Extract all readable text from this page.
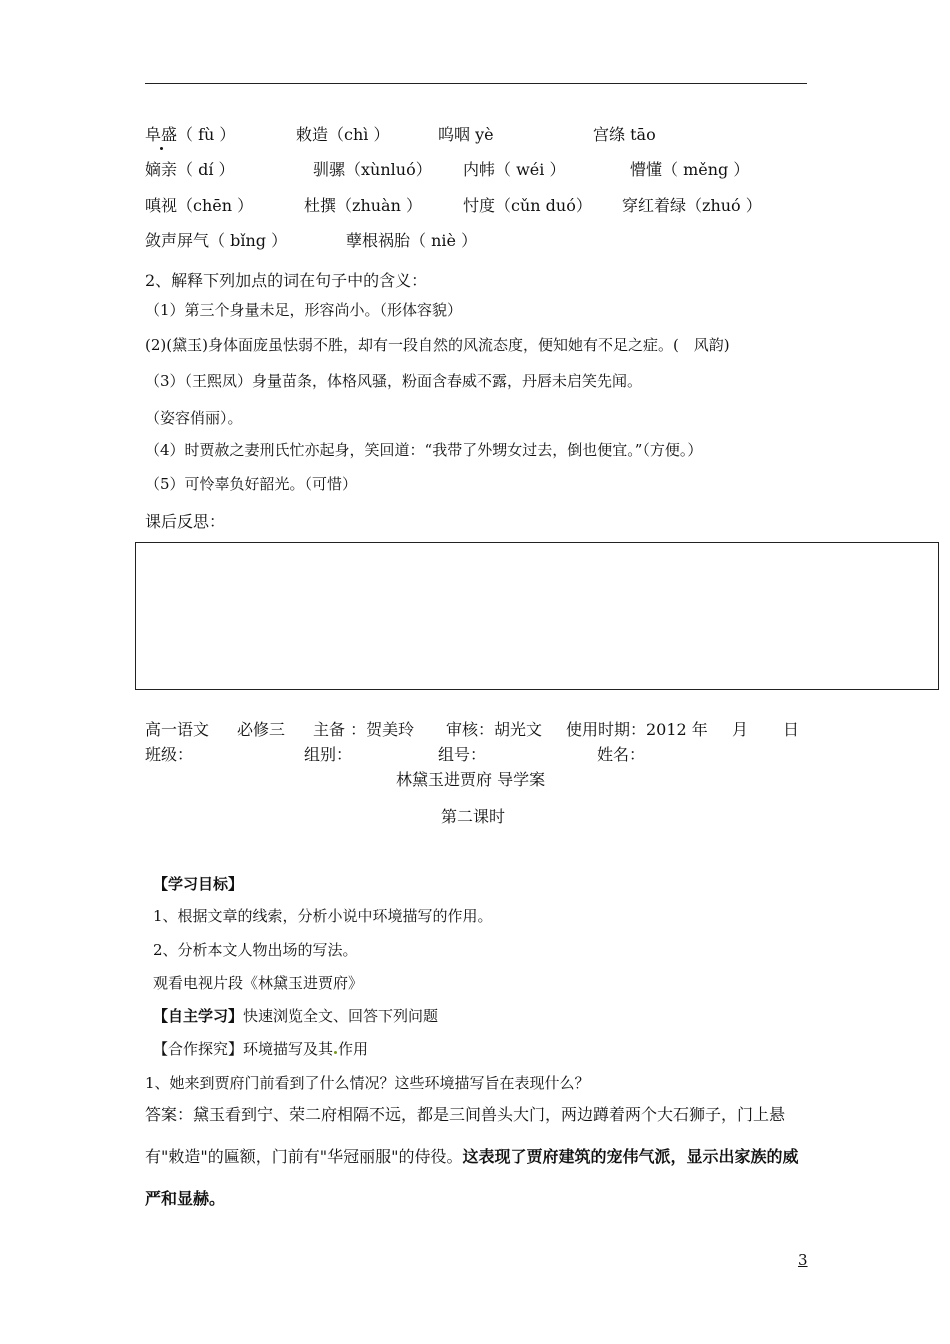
阜盛（ fù ）	敕造（chì ）	呜咽 yè	宫绦 tāo
嫡亲（ dí ）	驯骡（xùnluó） 内帏（ wéi ）	懵懂（ měng ）
嗔视（chēn ）	杜撰（zhuàn ）	忖度（cǔn duó） 穿红着绿（zhuó ）
敛声屏气（ bǐng ）	孽根祸胎（ niè ）
2、解释下列加点的词在句子中的含义：
（1）第三个身量未足，形容尚小。（形体容貌）
(2)(黛玉)身体面庞虽怯弱不胜，却有一段自然的风流态度，便知她有不足之症。(　风韵)
（3）（王熙凤）身量苗条，体格风骚，粉面含春威不露，丹唇未启笑先闻。
（姿容俏丽）。
（4）时贾赦之妻刑氏忙亦起身，笑回道：“我带了外甥女过去，倒也便宜。”（方便。）
（5）可怜辜负好韶光。（可惜）
课后反思：
高一语文 必修三 主备 ：贺美玲 审核：胡光文 使用时期：2012 年 月 日
班级：	组别：	组号：	姓名：
林黛玉进贾府 导学案
第二课时
【学习目标】
1、根据文章的线索，分析小说中环境描写的作用。
2、分析本文人物出场的写法。
观看电视片段《林黛玉进贾府》
【自主学习】快速浏览全文、回答下列问题
【合作探究】环境描写及其 作用
1、她来到贾府门前看到了什么情况？这些环境描写旨在表现什么？
答案：黛玉看到宁、荣二府相隔不远，都是三间兽头大门，两边蹲着两个大石狮子，门上悬有"敕造"的匾额，门前有"华冠丽服"的侍役。这表现了贾府建筑的宠伟气派，显示出家族的威严和显赫。
3
